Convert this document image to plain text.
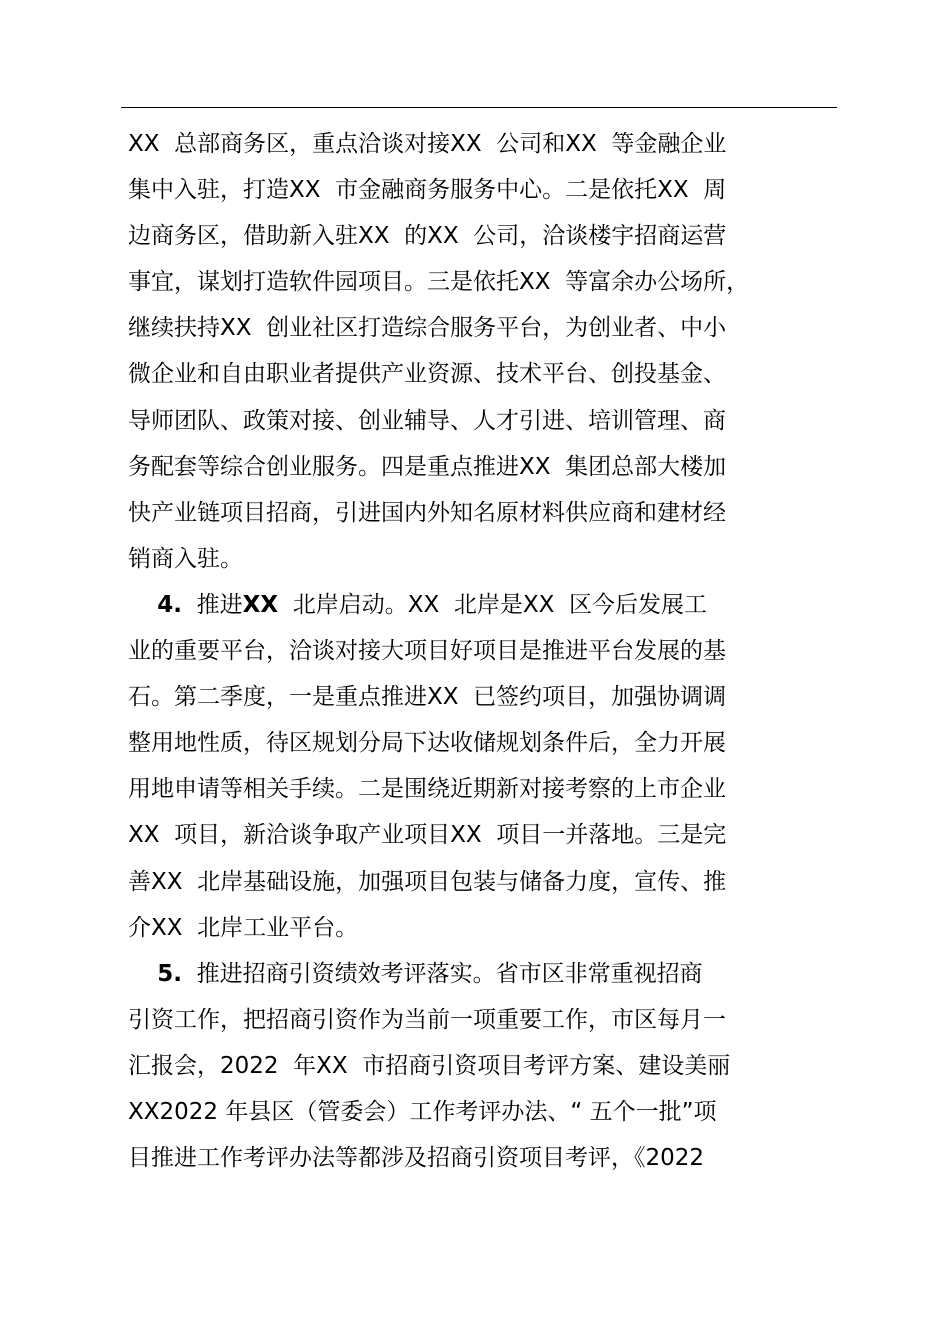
XX  总部商务区，重点洽谈对接XX  公司和XX  等金融企业
集中入驻，打造XX  市金融商务服务中心。二是依托XX  周
边商务区，借助新入驻XX  的XX  公司，洽谈楼宇招商运营
事宜，谋划打造软件园项目。三是依托XX  等富余办公场所，
继续扶持XX  创业社区打造综合服务平台，为创业者、中小
微企业和自由职业者提供产业资源、技术平台、创投基金、
导师团队、政策对接、创业辅导、人才引进、培训管理、商
务配套等综合创业服务。四是重点推进XX  集团总部大楼加
快产业链项目招商，引进国内外知名原材料供应商和建材经
销商入驻。
4. 推进XX  北岸启动。XX  北岸是XX  区今后发展工
业的重要平台，洽谈对接大项目好项目是推进平台发展的基
石。第二季度，一是重点推进XX  已签约项目，加强协调调
整用地性质，待区规划分局下达收储规划条件后，全力开展
用地申请等相关手续。二是围绕近期新对接考察的上市企业
XX  项目，新洽谈争取产业项目XX  项目一并落地。三是完
善XX  北岸基础设施，加强项目包装与储备力度，宣传、推
介XX  北岸工业平台。
5. 推进招商引资绩效考评落实。省市区非常重视招商
引资工作，把招商引资作为当前一项重要工作，市区每月一
汇报会，2022  年XX  市招商引资项目考评方案、建设美丽
XX2022 年县区（管委会）工作考评办法、“ 五个一批”项
目推进工作考评办法等都涉及招商引资项目考评，《2022
